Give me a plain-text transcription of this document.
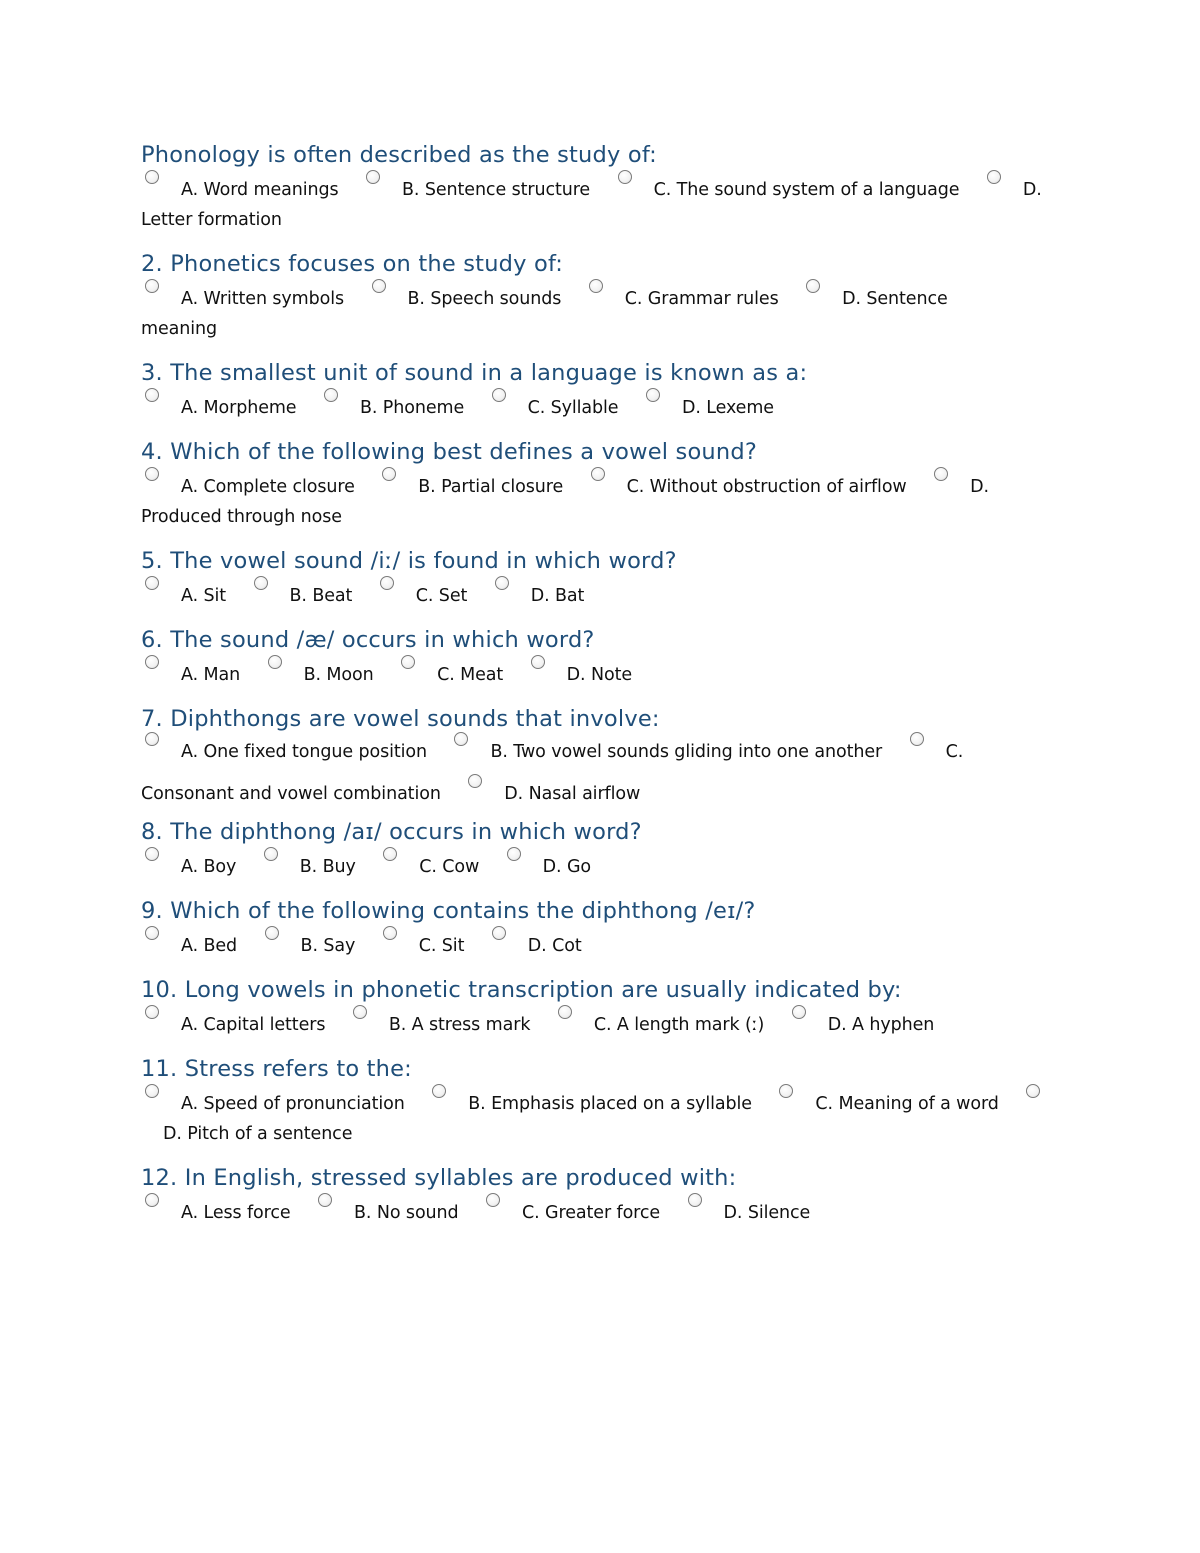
Phonology is often described as the study of:
A. Word meanings	B. Sentence structure	C. The sound system of a language	D. Letter formation
2. Phonetics focuses on the study of:
A. Written symbols	B. Speech sounds	C. Grammar rules	D. Sentence meaning
3. The smallest unit of sound in a language is known as a:
A. Morpheme	B. Phoneme	C. Syllable	D. Lexeme
4. Which of the following best defines a vowel sound?
A. Complete closure	B. Partial closure	C. Without obstruction of airflow	D. Produced through nose
5. The vowel sound /iː/ is found in which word?
A. Sit	B. Beat	C. Set	D. Bat
6. The sound /æ/ occurs in which word?
A. Man	B. Moon	C. Meat	D. Note
7. Diphthongs are vowel sounds that involve:
A. One fixed tongue position	B. Two vowel sounds gliding into one another	C. Consonant and vowel combination	D. Nasal airflow
8. The diphthong /aɪ/ occurs in which word?
A. Boy	B. Buy	C. Cow	D. Go
9. Which of the following contains the diphthong /eɪ/?
A. Bed	B. Say	C. Sit	D. Cot
10. Long vowels in phonetic transcription are usually indicated by:
A. Capital letters	B. A stress mark	C. A length mark (ː)	D. A hyphen
11. Stress refers to the:
A. Speed of pronunciation	B. Emphasis placed on a syllable	C. Meaning of a word D. Pitch of a sentence
12. In English, stressed syllables are produced with:
A. Less force	B. No sound	C. Greater force	D. Silence
